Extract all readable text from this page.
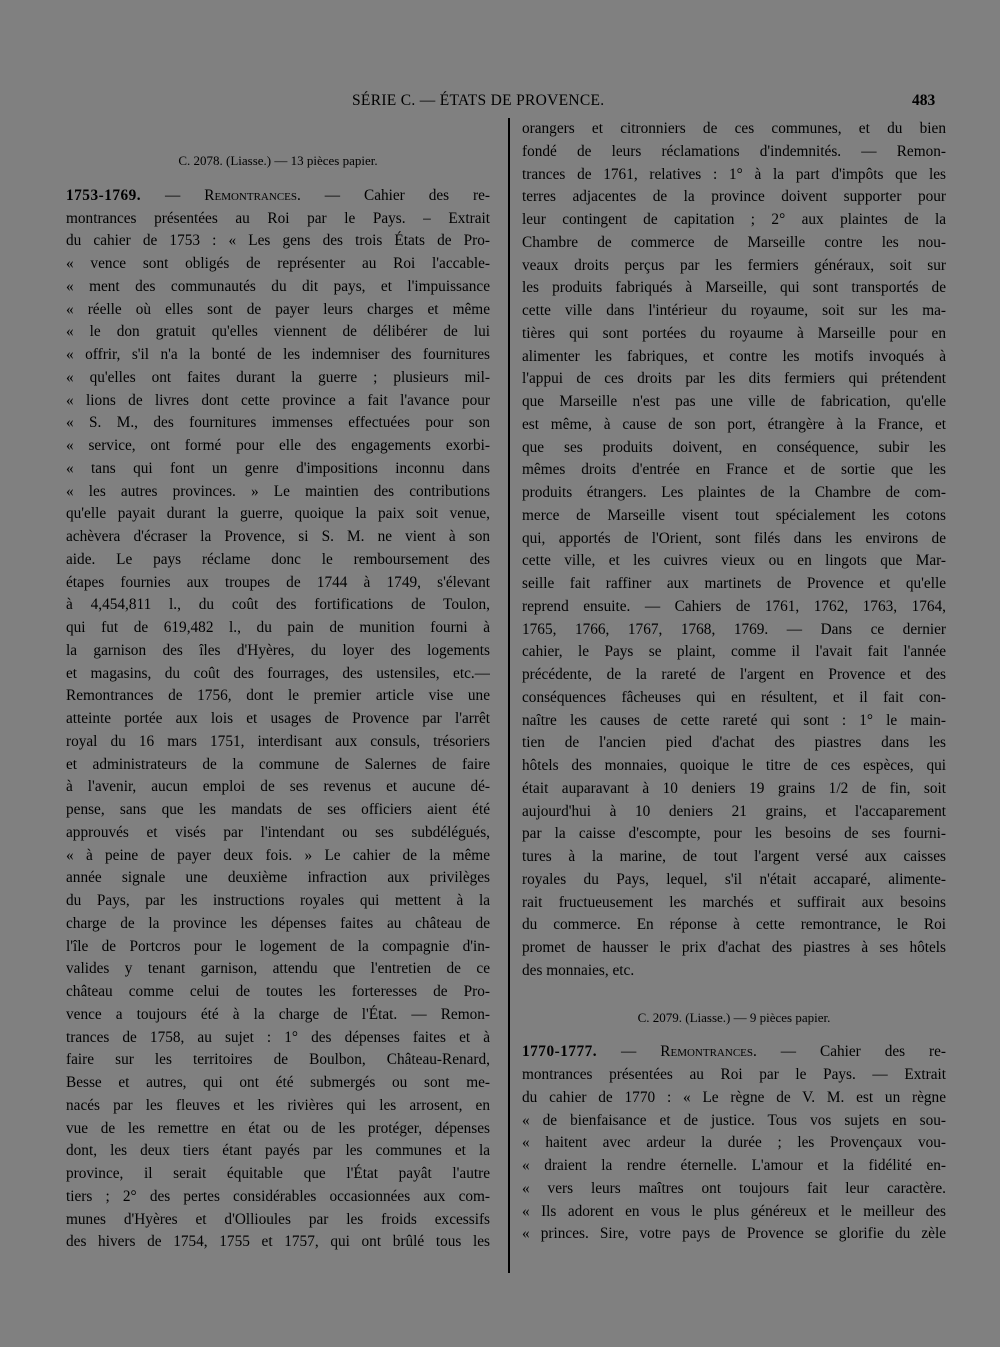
SÉRIE C. — ÉTATS DE PROVENCE.	483
C. 2078. (Liasse.) — 13 pièces papier.
1753-1769. — Remontrances. — Cahier des re-
montrances présentées au Roi par le Pays. – Extrait
du cahier de 1753 : « Les gens des trois États de Pro-
« vence sont obligés de représenter au Roi l'accable-
« ment des communautés du dit pays, et l'impuissance
« réelle où elles sont de payer leurs charges et même
« le don gratuit qu'elles viennent de délibérer de lui
« offrir, s'il n'a la bonté de les indemniser des fournitures
« qu'elles ont faites durant la guerre ; plusieurs mil-
« lions de livres dont cette province a fait l'avance pour
« S. M., des fournitures immenses effectuées pour son
« service, ont formé pour elle des engagements exorbi-
« tans qui font un genre d'impositions inconnu dans
« les autres provinces. » Le maintien des contributions
qu'elle payait durant la guerre, quoique la paix soit venue,
achèvera d'écraser la Provence, si S. M. ne vient à son
aide. Le pays réclame donc le remboursement des
étapes fournies aux troupes de 1744 à 1749, s'élevant
à 4,454,811 l., du coût des fortifications de Toulon,
qui fut de 619,482 l., du pain de munition fourni à
la garnison des îles d'Hyères, du loyer des logements
et magasins, du coût des fourrages, des ustensiles, etc.—
Remontrances de 1756, dont le premier article vise une
atteinte portée aux lois et usages de Provence par l'arrêt
royal du 16 mars 1751, interdisant aux consuls, trésoriers
et administrateurs de la commune de Salernes de faire
à l'avenir, aucun emploi de ses revenus et aucune dé-
pense, sans que les mandats de ses officiers aient été
approuvés et visés par l'intendant ou ses subdélégués,
« à peine de payer deux fois. » Le cahier de la même
année signale une deuxième infraction aux privilèges
du Pays, par les instructions royales qui mettent à la
charge de la province les dépenses faites au château de
l'île de Portcros pour le logement de la compagnie d'in-
valides y tenant garnison, attendu que l'entretien de ce
château comme celui de toutes les forteresses de Pro-
vence a toujours été à la charge de l'État. — Remon-
trances de 1758, au sujet : 1° des dépenses faites et à
faire sur les territoires de Boulbon, Château-Renard,
Besse et autres, qui ont été submergés ou sont me-
nacés par les fleuves et les rivières qui les arrosent, en
vue de les remettre en état ou de les protéger, dépenses
dont, les deux tiers étant payés par les communes et la
province, il serait équitable que l'État payât l'autre
tiers ; 2° des pertes considérables occasionnées aux com-
munes d'Hyères et d'Ollioules par les froids excessifs
des hivers de 1754, 1755 et 1757, qui ont brûlé tous les
orangers et citronniers de ces communes, et du bien
fondé de leurs réclamations d'indemnités. — Remon-
trances de 1761, relatives : 1° à la part d'impôts que les
terres adjacentes de la province doivent supporter pour
leur contingent de capitation ; 2° aux plaintes de la
Chambre de commerce de Marseille contre les nou-
veaux droits perçus par les fermiers généraux, soit sur
les produits fabriqués à Marseille, qui sont transportés de
cette ville dans l'intérieur du royaume, soit sur les ma-
tières qui sont portées du royaume à Marseille pour en
alimenter les fabriques, et contre les motifs invoqués à
l'appui de ces droits par les dits fermiers qui prétendent
que Marseille n'est pas une ville de fabrication, qu'elle
est même, à cause de son port, étrangère à la France, et
que ses produits doivent, en conséquence, subir les
mêmes droits d'entrée en France et de sortie que les
produits étrangers. Les plaintes de la Chambre de com-
merce de Marseille visent tout spécialement les cotons
qui, apportés de l'Orient, sont filés dans les environs de
cette ville, et les cuivres vieux ou en lingots que Mar-
seille fait raffiner aux martinets de Provence et qu'elle
reprend ensuite. — Cahiers de 1761, 1762, 1763, 1764,
1765, 1766, 1767, 1768, 1769. — Dans ce dernier
cahier, le Pays se plaint, comme il l'avait fait l'année
précédente, de la rareté de l'argent en Provence et des
conséquences fâcheuses qui en résultent, et il fait con-
naître les causes de cette rareté qui sont : 1° le main-
tien de l'ancien pied d'achat des piastres dans les
hôtels des monnaies, quoique le titre de ces espèces, qui
était auparavant à 10 deniers 19 grains 1/2 de fin, soit
aujourd'hui à 10 deniers 21 grains, et l'accaparement
par la caisse d'escompte, pour les besoins de ses fourni-
tures à la marine, de tout l'argent versé aux caisses
royales du Pays, lequel, s'il n'était accaparé, alimente-
rait fructueusement les marchés et suffirait aux besoins
du commerce. En réponse à cette remontrance, le Roi
promet de hausser le prix d'achat des piastres à ses hôtels
des monnaies, etc.
C. 2079. (Liasse.) — 9 pièces papier.
1770-1777. — Remontrances. — Cahier des re-
montrances présentées au Roi par le Pays. — Extrait
du cahier de 1770 : « Le règne de V. M. est un règne
« de bienfaisance et de justice. Tous vos sujets en sou-
« haitent avec ardeur la durée ; les Provençaux vou-
« draient la rendre éternelle. L'amour et la fidélité en-
« vers leurs maîtres ont toujours fait leur caractère.
« Ils adorent en vous le plus généreux et le meilleur des
« princes. Sire, votre pays de Provence se glorifie du zèle
